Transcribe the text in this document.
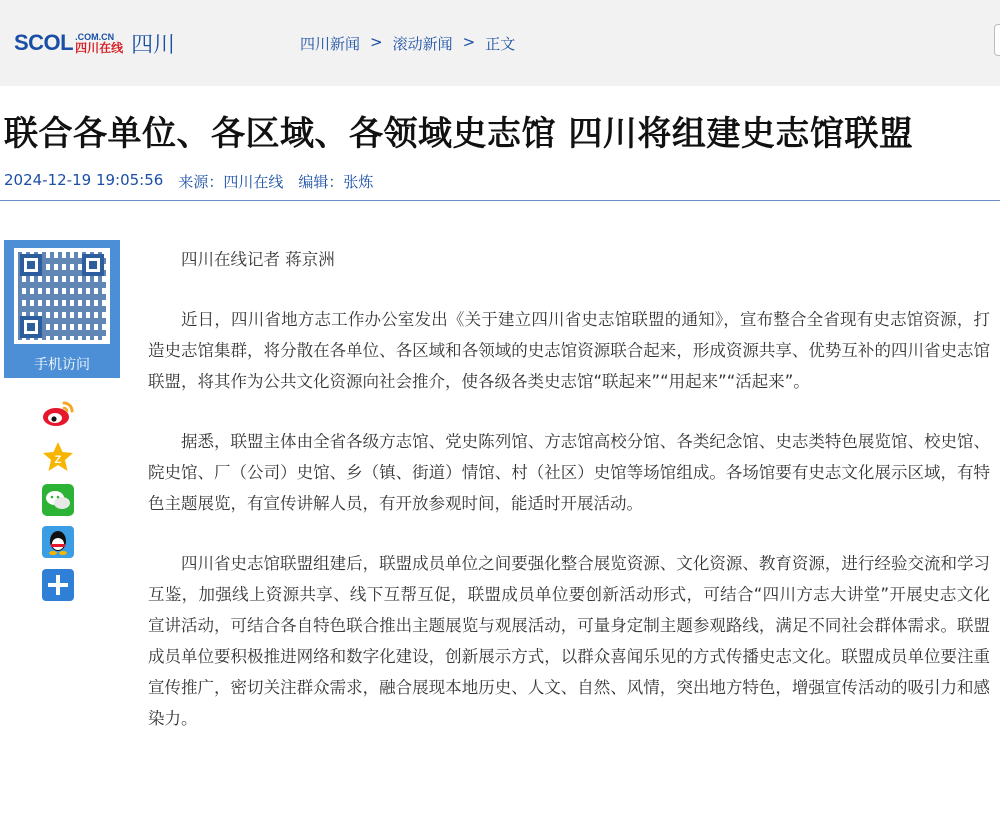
SCOL .COM.CN
四川在线 四川	四川新闻 > 滚动新闻 > 正文
联合各单位、各区域、各领域史志馆 四川将组建史志馆联盟
2024-12-19 19:05:56 来源：四川在线 编辑：张炼
手机访问
Z

四川在线记者 蒋京洲

近日，四川省地方志工作办公室发出《关于建立四川省史志馆联盟的通知》，宣布整合全省现有史志馆资源，打造史志馆集群，将分散在各单位、各区域和各领域的史志馆资源联合起来，形成资源共享、优势互补的四川省史志馆联盟，将其作为公共文化资源向社会推介，使各级各类史志馆“联起来”“用起来”“活起来”。

据悉，联盟主体由全省各级方志馆、党史陈列馆、方志馆高校分馆、各类纪念馆、史志类特色展览馆、校史馆、院史馆、厂（公司）史馆、乡（镇、街道）情馆、村（社区）史馆等场馆组成。各场馆要有史志文化展示区域，有特色主题展览，有宣传讲解人员，有开放参观时间，能适时开展活动。

四川省史志馆联盟组建后，联盟成员单位之间要强化整合展览资源、文化资源、教育资源，进行经验交流和学习互鉴，加强线上资源共享、线下互帮互促，联盟成员单位要创新活动形式，可结合“四川方志大讲堂”开展史志文化宣讲活动，可结合各自特色联合推出主题展览与观展活动，可量身定制主题参观路线，满足不同社会群体需求。联盟成员单位要积极推进网络和数字化建设，创新展示方式，以群众喜闻乐见的方式传播史志文化。联盟成员单位要注重宣传推广，密切关注群众需求，融合展现本地历史、人文、自然、风情，突出地方特色，增强宣传活动的吸引力和感染力。
